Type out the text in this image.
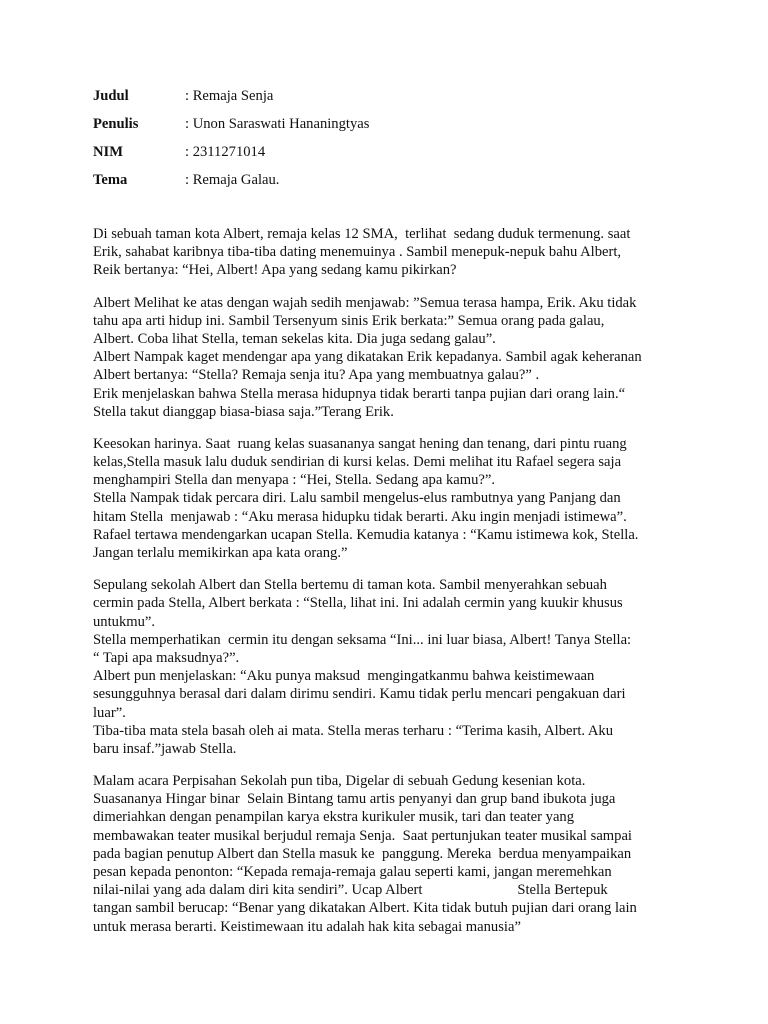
Judul	: Remaja Senja
Penulis	: Unon Saraswati Hananingtyas
NIM	: 2311271014
Tema	: Remaja Galau.
Di sebuah taman kota Albert, remaja kelas 12 SMA,  terlihat  sedang duduk termenung. saat
Erik, sahabat karibnya tiba-tiba dating menemuinya . Sambil menepuk-nepuk bahu Albert,
Reik bertanya: “Hei, Albert! Apa yang sedang kamu pikirkan?
Albert Melihat ke atas dengan wajah sedih menjawab: ”Semua terasa hampa, Erik. Aku tidak
tahu apa arti hidup ini. Sambil Tersenyum sinis Erik berkata:” Semua orang pada galau,
Albert. Coba lihat Stella, teman sekelas kita. Dia juga sedang galau”.
Albert Nampak kaget mendengar apa yang dikatakan Erik kepadanya. Sambil agak keheranan
Albert bertanya: “Stella? Remaja senja itu? Apa yang membuatnya galau?” .
Erik menjelaskan bahwa Stella merasa hidupnya tidak berarti tanpa pujian dari orang lain.“
Stella takut dianggap biasa-biasa saja.”Terang Erik.
Keesokan harinya. Saat  ruang kelas suasananya sangat hening dan tenang, dari pintu ruang
kelas,Stella masuk lalu duduk sendirian di kursi kelas. Demi melihat itu Rafael segera saja
menghampiri Stella dan menyapa : “Hei, Stella. Sedang apa kamu?”.
Stella Nampak tidak percara diri. Lalu sambil mengelus-elus rambutnya yang Panjang dan
hitam Stella  menjawab : “Aku merasa hidupku tidak berarti. Aku ingin menjadi istimewa”.
Rafael tertawa mendengarkan ucapan Stella. Kemudia katanya : “Kamu istimewa kok, Stella.
Jangan terlalu memikirkan apa kata orang.”
Sepulang sekolah Albert dan Stella bertemu di taman kota. Sambil menyerahkan sebuah
cermin pada Stella, Albert berkata : “Stella, lihat ini. Ini adalah cermin yang kuukir khusus
untukmu”.
Stella memperhatikan  cermin itu dengan seksama “Ini... ini luar biasa, Albert! Tanya Stella:
“ Tapi apa maksudnya?”.
Albert pun menjelaskan: “Aku punya maksud  mengingatkanmu bahwa keistimewaan
sesungguhnya berasal dari dalam dirimu sendiri. Kamu tidak perlu mencari pengakuan dari
luar”.
Tiba-tiba mata stela basah oleh ai mata. Stella meras terharu : “Terima kasih, Albert. Aku
baru insaf.”jawab Stella.
Malam acara Perpisahan Sekolah pun tiba, Digelar di sebuah Gedung kesenian kota.
Suasananya Hingar binar  Selain Bintang tamu artis penyanyi dan grup band ibukota juga
dimeriahkan dengan penampilan karya ekstra kurikuler musik, tari dan teater yang
membawakan teater musikal berjudul remaja Senja.  Saat pertunjukan teater musikal sampai
pada bagian penutup Albert dan Stella masuk ke  panggung. Mereka  berdua menyampaikan
pesan kepada penonton: “Kepada remaja-remaja galau seperti kami, jangan meremehkan
nilai-nilai yang ada dalam diri kita sendiri”. Ucap Albert                          Stella Bertepuk
tangan sambil berucap: “Benar yang dikatakan Albert. Kita tidak butuh pujian dari orang lain
untuk merasa berarti. Keistimewaan itu adalah hak kita sebagai manusia”
